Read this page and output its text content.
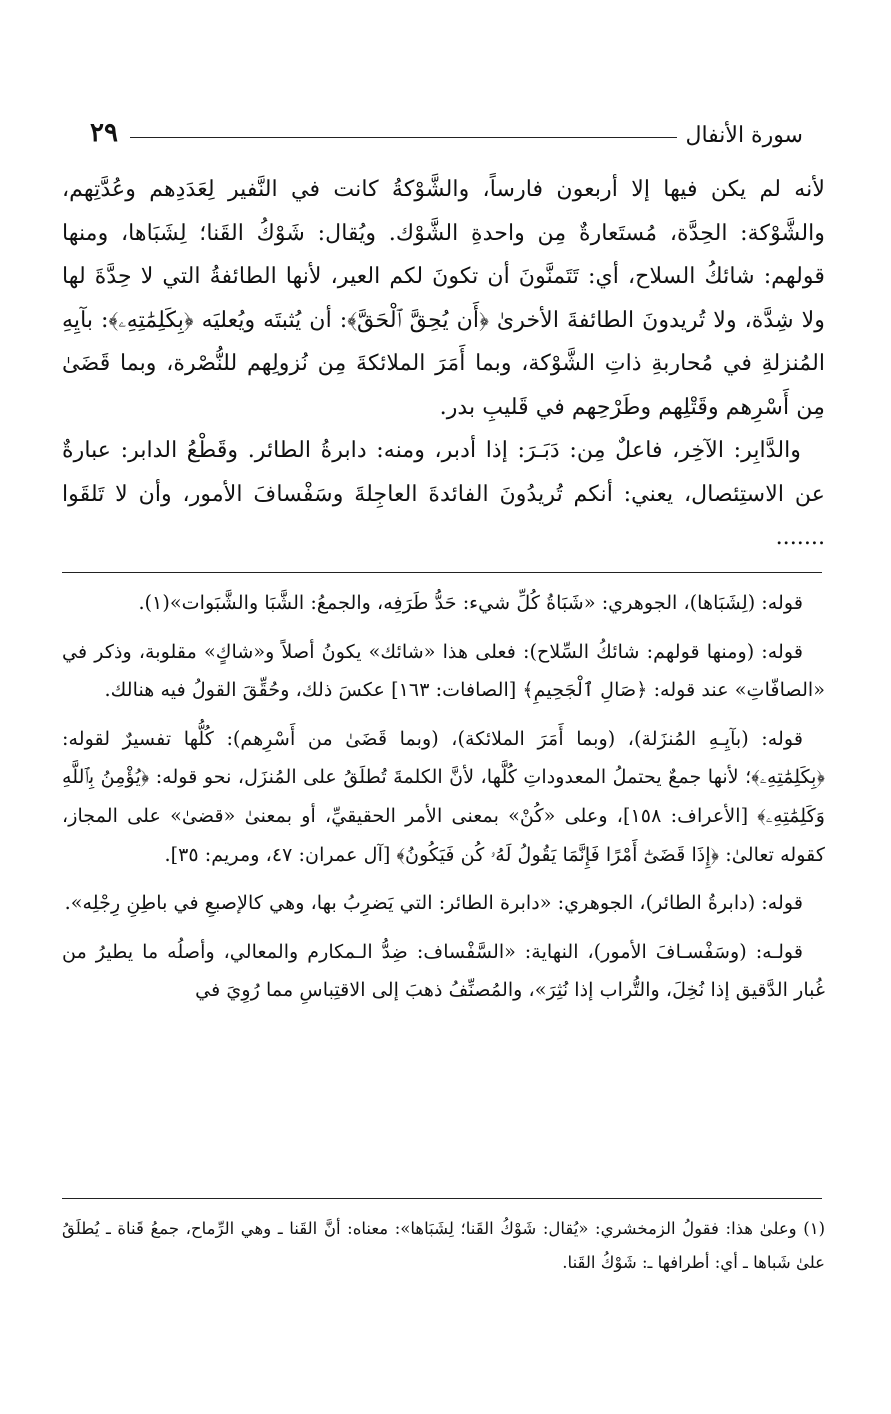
سورة الأنفال
٢٩

لأنه لم يكن فيها إلا أربعون فارساً، والشَّوْكةُ كانت في النَّفير لِعَدَدِهم وعُدَّتِهم، والشَّوْكة: الحِدَّة، مُستَعارةٌ مِن واحدةِ الشَّوْك. ويُقال: شَوْكُ القَنا؛ لِشَبَاها، ومنها قولهم: شائكُ السلاح، أي: تَتَمنَّونَ أن تكونَ لكم العير، لأنها الطائفةُ التي لا حِدَّةَ لها ولا شِدَّة، ولا تُريدونَ الطائفةَ الأخرىٰ ﴿أَن يُحِقَّ ٱلْحَقَّ﴾: أن يُثبتَه ويُعليَه ﴿بِكَلِمَٰتِهِۦ﴾: بآيِهِ المُنزلةِ في مُحاربةِ ذاتِ الشَّوْكة، وبما أَمَرَ الملائكةَ مِن نُزولِهم للنُّصْرة، وبما قَضَىٰ مِن أَسْرِهم وقَتْلِهم وطَرْحِهم في قَليبِ بدر.

والدَّابِر: الآخِر، فاعلٌ مِن: دَبَـرَ: إذا أدبر، ومنه: دابرةُ الطائر. وقَطْعُ الدابر: عبارةٌ عن الاستِئصال، يعني: أنكم تُريدُونَ الفائدةَ العاجِلةَ وسَفْسافَ الأمور، وأن لا تَلقَوا .......

قوله: (لِشَبَاها)، الجوهري: «شَبَاةُ كُلِّ شيء: حَدُّ طَرَفِه، والجمعُ: الشَّبَا والشَّبَوات»(١).

قوله: (ومنها قولهم: شائكُ السِّلاح): فعلى هذا «شائك» يكونُ أصلاً و«شاكٍ» مقلوبة، وذكر في «الصافّاتِ» عند قوله: ﴿صَالِ ٱلْجَحِيمِ﴾ [الصافات: ١٦٣] عكسَ ذلك، وحُقِّقَ القولُ فيه هنالك.

قوله: (بآيِـهِ المُنزَلة)، (وبما أَمَرَ الملائكة)، (وبما قَضَىٰ من أَسْرِهم): كُلُّها تفسيرٌ لقوله: ﴿بِكَلِمَٰتِهِۦ﴾؛ لأنها جمعٌ يحتملُ المعدوداتِ كُلَّها، لأنَّ الكلمةَ تُطلَقُ على المُنزَل، نحو قوله: ﴿يُؤْمِنُ بِٱللَّهِ وَكَلِمَٰتِهِۦ﴾ [الأعراف: ١٥٨]، وعلى «كُنْ» بمعنى الأمر الحقيقيِّ، أو بمعنىٰ «قضىٰ» على المجاز، كقوله تعالىٰ: ﴿إِذَا قَضَىٰٓ أَمْرًا فَإِنَّمَا يَقُولُ لَهُۥ كُن فَيَكُونُ﴾ [آل عمران: ٤٧، ومريم: ٣٥].

قوله: (دابرةُ الطائر)، الجوهري: «دابرة الطائر: التي يَضرِبُ بها، وهي كالإصبعِ في باطِنِ رِجْلِه».

قولـه: (وسَفْسـافَ الأمور)، النهاية: «السَّفْساف: ضِدُّ الـمكارم والمعالي، وأصلُه ما يطيرُ من غُبار الدَّقيق إذا نُخِلَ، والتُّراب إذا نُثِرَ»، والمُصنِّفُ ذهبَ إلى الاقتِباسِ مما رُوِيَ في

(١) وعلىٰ هذا: فقولُ الزمخشري: «يُقال: شَوْكُ القَنا؛ لِشَبَاها»: معناه: أنَّ القَنا ـ وهي الرِّماح، جمعُ قَناة ـ يُطلَقُ علىٰ شَباها ـ أي: أطرافها ـ: شَوْكُ القَنا.
